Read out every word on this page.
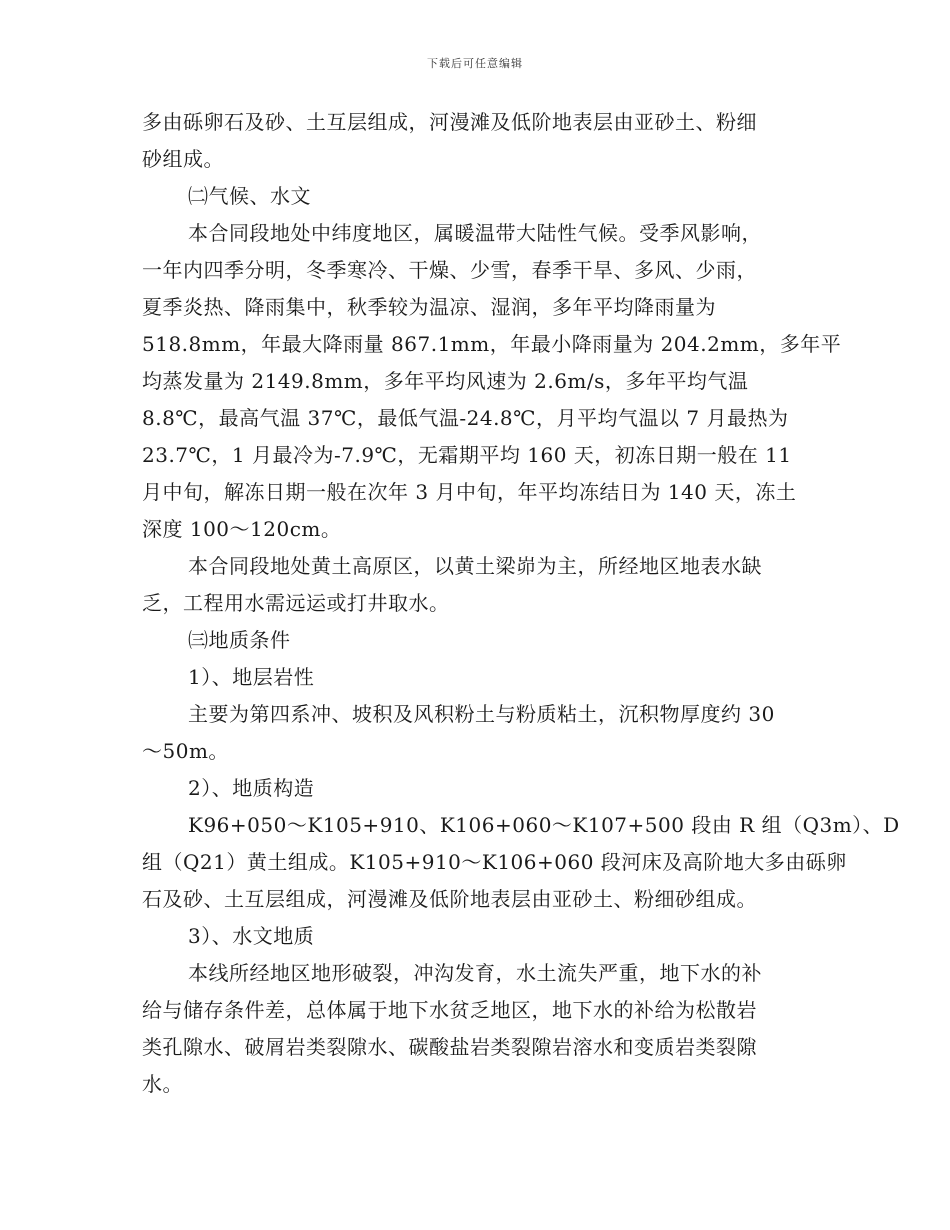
下载后可任意编辑
多由砾卵石及砂、土互层组成，河漫滩及低阶地表层由亚砂土、粉细
砂组成。
㈡气候、水文
本合同段地处中纬度地区，属暖温带大陆性气候。受季风影响，
一年内四季分明，冬季寒冷、干燥、少雪，春季干旱、多风、少雨，
夏季炎热、降雨集中，秋季较为温凉、湿润，多年平均降雨量为
518.8mm，年最大降雨量 867.1mm，年最小降雨量为 204.2mm，多年平
均蒸发量为 2149.8mm，多年平均风速为 2.6m/s，多年平均气温
8.8℃，最高气温 37℃，最低气温-24.8℃，月平均气温以 7 月最热为
23.7℃，1 月最冷为-7.9℃，无霜期平均 160 天，初冻日期一般在 11
月中旬，解冻日期一般在次年 3 月中旬，年平均冻结日为 140 天，冻土
深度 100～120cm。
本合同段地处黄土高原区，以黄土梁峁为主，所经地区地表水缺
乏，工程用水需远运或打井取水。
㈢地质条件
1）、地层岩性
主要为第四系冲、坡积及风积粉土与粉质粘土，沉积物厚度约 30
～50m。
2）、地质构造
K96+050～K105+910、K106+060～K107+500 段由 R 组（Q3m）、D
组（Q21）黄土组成。K105+910～K106+060 段河床及高阶地大多由砾卵
石及砂、土互层组成，河漫滩及低阶地表层由亚砂土、粉细砂组成。
3）、水文地质
本线所经地区地形破裂，冲沟发育，水土流失严重，地下水的补
给与储存条件差，总体属于地下水贫乏地区，地下水的补给为松散岩
类孔隙水、破屑岩类裂隙水、碳酸盐岩类裂隙岩溶水和变质岩类裂隙
水。
